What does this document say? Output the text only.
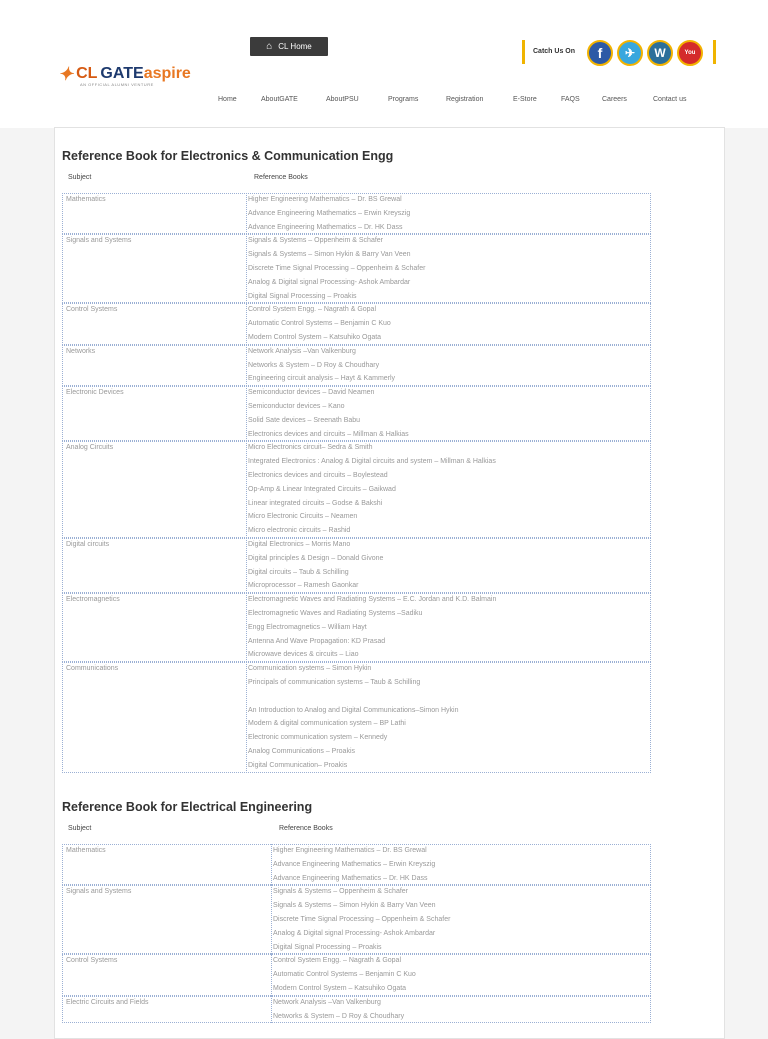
✦ CL GATE aspire
AN OFFICIAL ALUMNI VENTURE
⌂ CL Home
Catch Us On	f	✈	W	You
Home	AboutGATE	AboutPSU	Programs	Registration	E-Store	FAQS	Careers	Contact us
Reference Book for Electronics & Communication Engg
Subject	Reference Books
Mathematics	Higher Engineering Mathematics – Dr. BS Grewal
Advance Engineering Mathematics – Erwin Kreyszig
Advance Engineering Mathematics – Dr. HK Dass
Signals and Systems	Signals & Systems – Oppenheim & Schafer
Signals & Systems – Simon Hykin & Barry Van Veen
Discrete Time Signal Processing – Oppenheim & Schafer
Analog & Digital signal Processing- Ashok Ambardar
Digital Signal Processing – Proakis
Control Systems	Control System Engg. – Nagrath & Gopal
Automatic Control Systems – Benjamin C Kuo
Modern Control System – Katsuhiko Ogata
Networks	Network Analysis –Van Valkenburg
Networks & System – D Roy & Choudhary
Engineering circuit analysis – Hayt & Kammerly
Electronic Devices	Semiconductor devices – David Neamen
Semiconductor devices – Kano
Solid Sate devices – Sreenath Babu
Electronics devices and circuits – Millman & Halkias
Analog Circuits	Micro Electronics circuit– Sedra & Smith
Integrated Electronics : Analog & Digital circuits and system – Millman & Halkias
Electronics devices and circuits – Boylestead
Op-Amp & Linear Integrated Circuits – Gaikwad
Linear integrated circuits – Godse & Bakshi
Micro Electronic Circuits – Neamen
Micro electronic circuits – Rashid
Digital circuits	Digital Electronics – Morris Mano
Digital principles & Design – Donald Givone
Digital circuits – Taub & Schilling
Microprocessor – Ramesh Gaonkar
Electromagnetics	Electromagnetic Waves and Radiating Systems – E.C. Jordan and K.D. Balmain
Electromagnetic Waves and Radiating Systems –Sadiku
Engg Electromagnetics – William Hayt
Antenna And Wave Propagation: KD Prasad
Microwave devices & circuits – Liao
Communications	Communication systems – Simon Hykin
Principals of communication systems – Taub & Schilling
An Introduction to Analog and Digital Communications–Simon Hykin
Modern & digital communication system – BP Lathi
Electronic communication system – Kennedy
Analog Communications – Proakis
Digital Communication– Proakis
Reference Book for Electrical Engineering
Subject	Reference Books
Mathematics	Higher Engineering Mathematics – Dr. BS Grewal
Advance Engineering Mathematics – Erwin Kreyszig
Advance Engineering Mathematics – Dr. HK Dass
Signals and Systems	Signals & Systems – Oppenheim & Schafer
Signals & Systems – Simon Hykin & Barry Van Veen
Discrete Time Signal Processing – Oppenheim & Schafer
Analog & Digital signal Processing- Ashok Ambardar
Digital Signal Processing – Proakis
Control Systems	Control System Engg. – Nagrath & Gopal
Automatic Control Systems – Benjamin C Kuo
Modern Control System – Katsuhiko Ogata
Electric Circuits and Fields	Network Analysis –Van Valkenburg
Networks & System – D Roy & Choudhary
